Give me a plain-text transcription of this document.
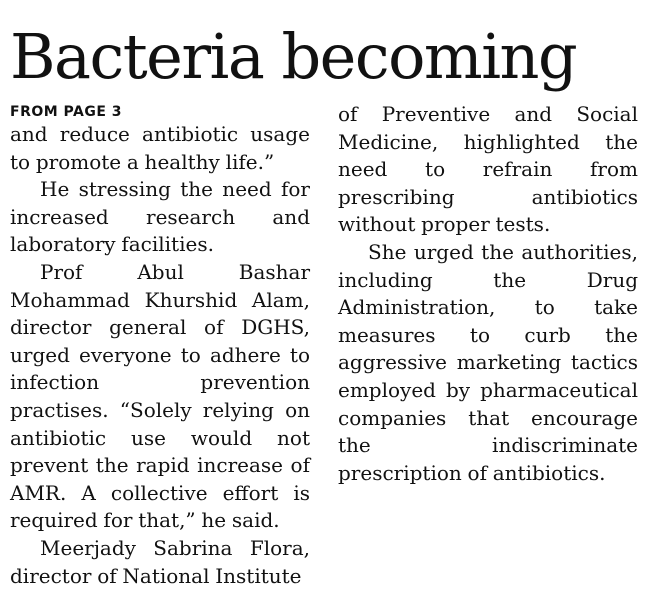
Bacteria becoming
FROM PAGE 3

and reduce antibiotic usage to promote a healthy life.”

He stressing the need for increased research and laboratory facilities.

Prof Abul Bashar Mohammad Khurshid Alam, director general of DGHS, urged everyone to adhere to infection prevention practises. “Solely relying on antibiotic use would not prevent the rapid increase of AMR. A collective effort is required for that,” he said.

Meerjady Sabrina Flora, director of National Institute

of Preventive and Social Medicine, highlighted the need to refrain from prescribing antibiotics without proper tests.

She urged the authorities, including the Drug Administration, to take measures to curb the aggressive marketing tactics employed by pharmaceutical companies that encourage the indiscriminate prescription of antibiotics.
